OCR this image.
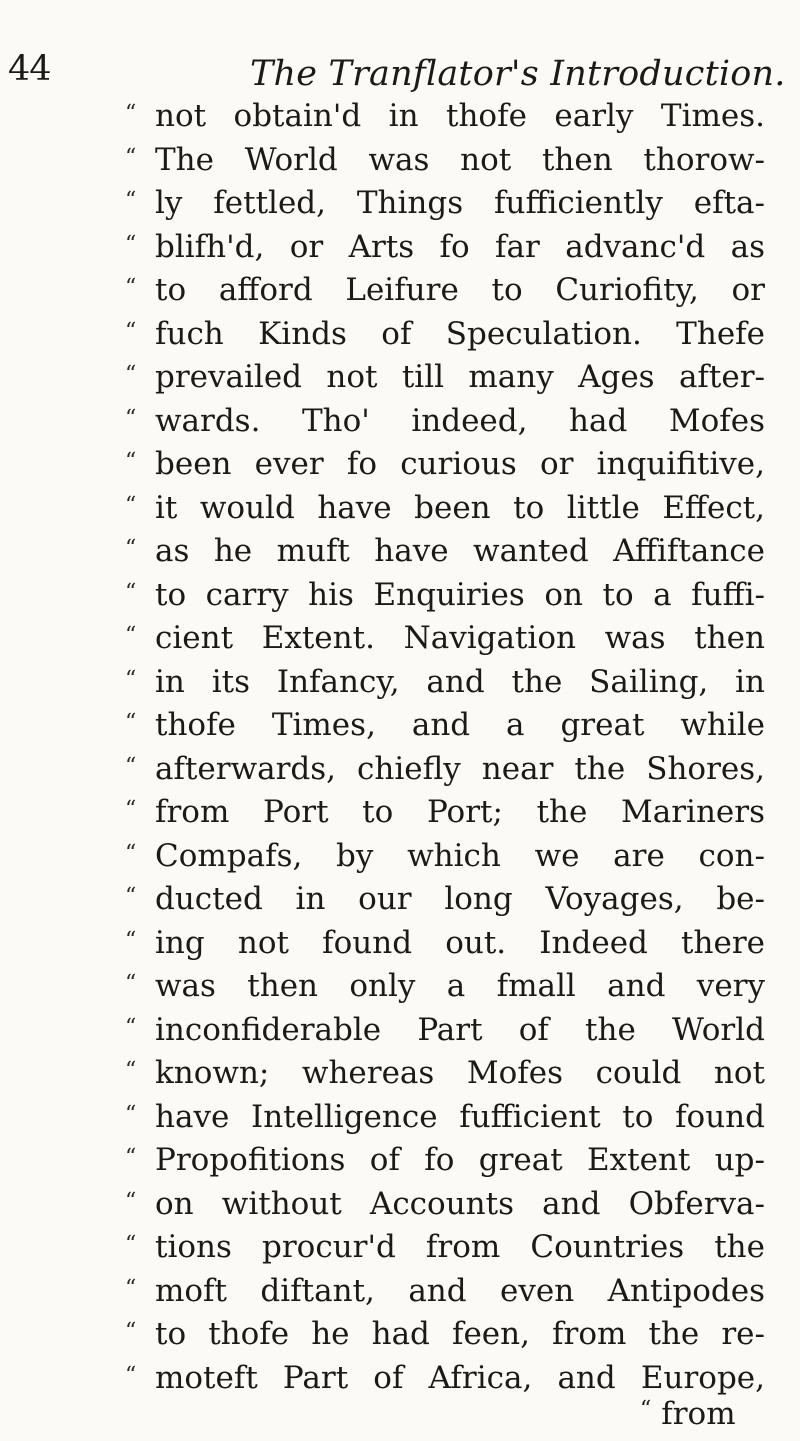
44	The Tranflator's Introduction.
“ not obtain'd in thofe early Times.
“ The World was not then thorow-
“ ly fettled, Things fufficiently efta-
“ blifh'd, or Arts fo far advanc'd as
“ to afford Leifure to Curiofity, or
“ fuch Kinds of Speculation. Thefe
“ prevailed not till many Ages after-
“ wards. Tho' indeed, had Mofes
“ been ever fo curious or inquifitive,
“ it would have been to little Effect,
“ as he muft have wanted Affiftance
“ to carry his Enquiries on to a fuffi-
“ cient Extent. Navigation was then
“ in its Infancy, and the Sailing, in
“ thofe Times, and a great while
“ afterwards, chiefly near the Shores,
“ from Port to Port; the Mariners
“ Compafs, by which we are con-
“ ducted in our long Voyages, be-
“ ing not found out. Indeed there
“ was then only a fmall and very
“ inconfiderable Part of the World
“ known; whereas Mofes could not
“ have Intelligence fufficient to found
“ Propofitions of fo great Extent up-
“ on without Accounts and Obferva-
“ tions procur'd from Countries the
“ moft diftant, and even Antipodes
“ to thofe he had feen, from the re-
“ moteft Part of Africa, and Europe,
“ from
